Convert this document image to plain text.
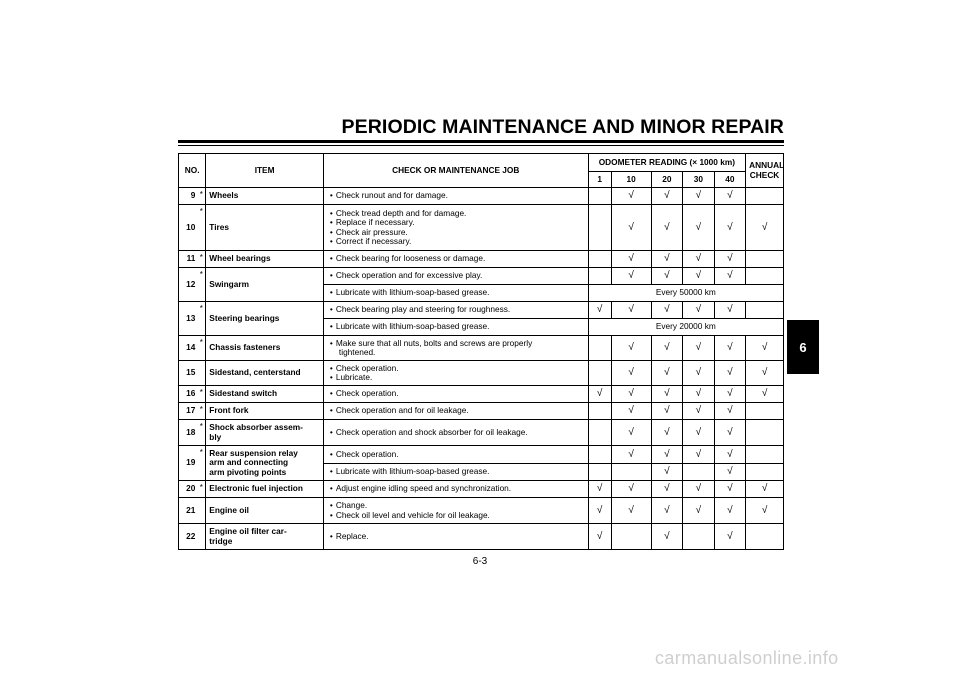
PERIODIC MAINTENANCE AND MINOR REPAIR
NO.		ITEM	CHECK OR MAINTENANCE JOB	ODOMETER READING (× 1000 km)					ANNUAL CHECK
				1	10	20	30	40	
9	*	Wheels	• Check runout and for damage.		√	√	√	√	
10	*	Tires	• Check tread depth and for damage.
• Replace if necessary.
• Check air pressure.
• Correct if necessary.		√	√	√	√	√
11	*	Wheel bearings	• Check bearing for looseness or damage.		√	√	√	√	
12	*	Swingarm	• Check operation and for excessive play.		√	√	√	√	

			• Lubricate with lithium-soap-based grease.	Every 50000 km					
13	*	Steering bearings	• Check bearing play and steering for roughness.	√	√	√	√	√	

			• Lubricate with lithium-soap-based grease.	Every 20000 km					
14	*	Chassis fasteners	• Make sure that all nuts, bolts and screws are properly
tightened.		√	√	√	√	√
15		Sidestand, centerstand	• Check operation.
• Lubricate.		√	√	√	√	√
16	*	Sidestand switch	• Check operation.	√	√	√	√	√	√
17	*	Front fork	• Check operation and for oil leakage.		√	√	√	√	
18	*	Shock absorber assem-
bly	• Check operation and shock absorber for oil leakage.		√	√	√	√	
19	*	Rear suspension relay
arm and connecting
arm pivoting points	• Check operation.		√	√	√	√	

			• Lubricate with lithium-soap-based grease.			√		√	
20	*	Electronic fuel injection	• Adjust engine idling speed and synchronization.	√	√	√	√	√	√
21		Engine oil	• Change.
• Check oil level and vehicle for oil leakage.	√	√	√	√	√	√
22		Engine oil filter car-
tridge	• Replace.	√		√		√	
6
6-3
carmanualsonline.info
